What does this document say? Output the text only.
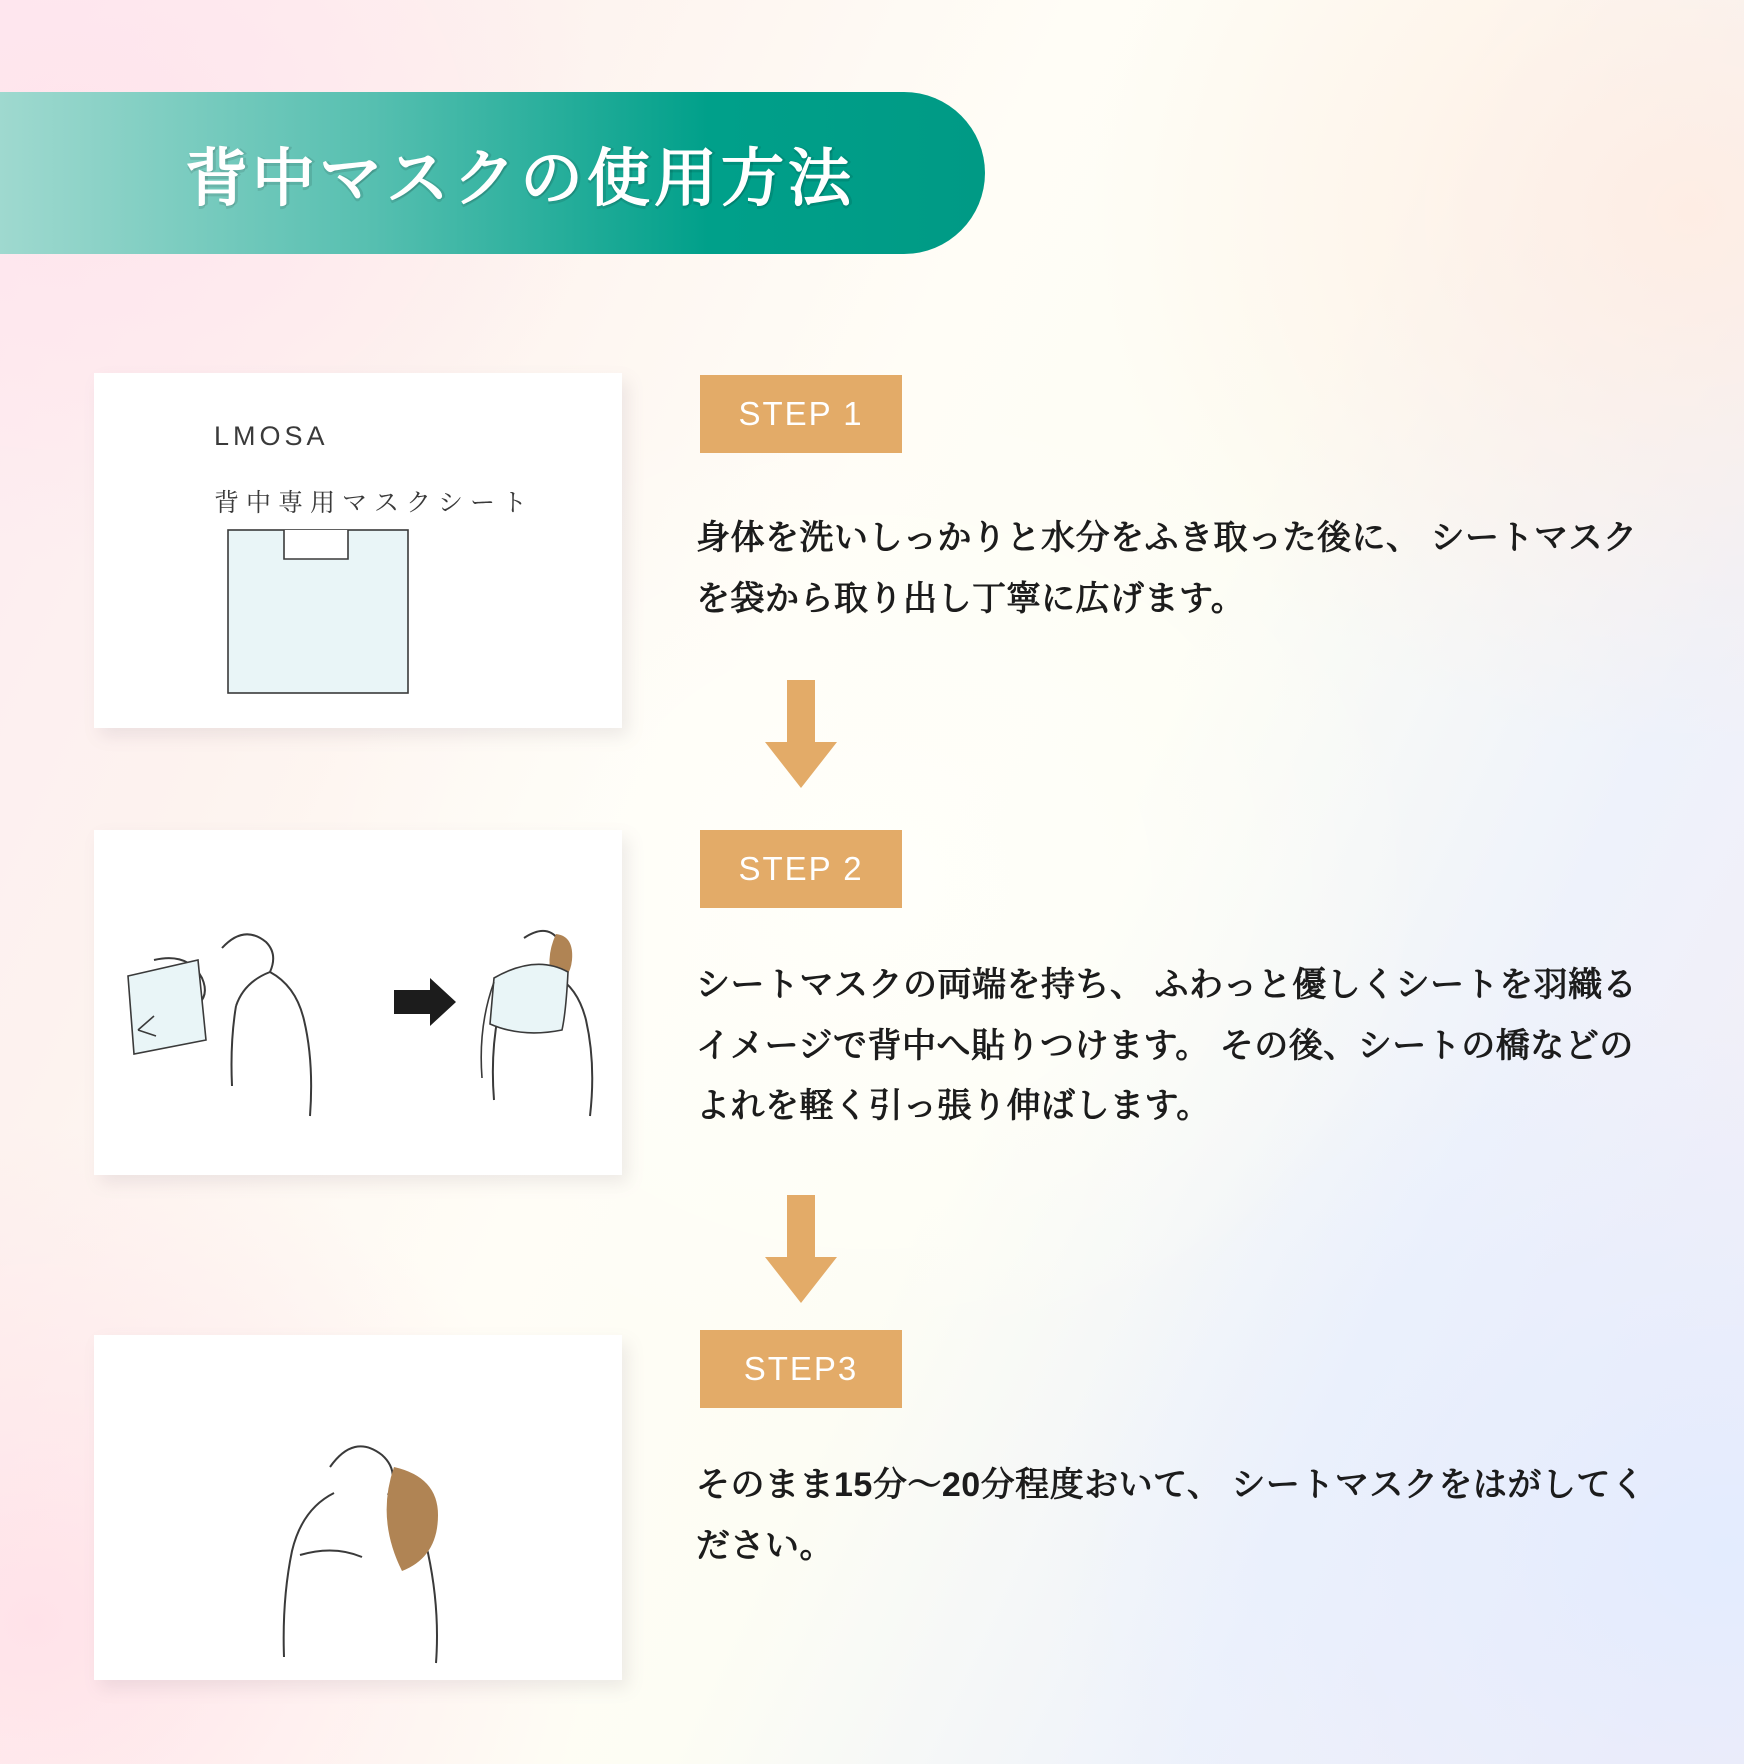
背中マスクの使用方法
LMOSA
背中専用マスクシート
STEP 1
身体を洗いしっかりと水分をふき取った後に、 シートマスクを袋から取り出し丁寧に広げます。
STEP 2
シートマスクの両端を持ち、 ふわっと優しくシートを羽織るイメージで背中へ貼りつけます。 その後、シートの橋などのよれを軽く引っ張り伸ばします。
STEP3
そのまま15分〜20分程度おいて、 シートマスクをはがしてください。
